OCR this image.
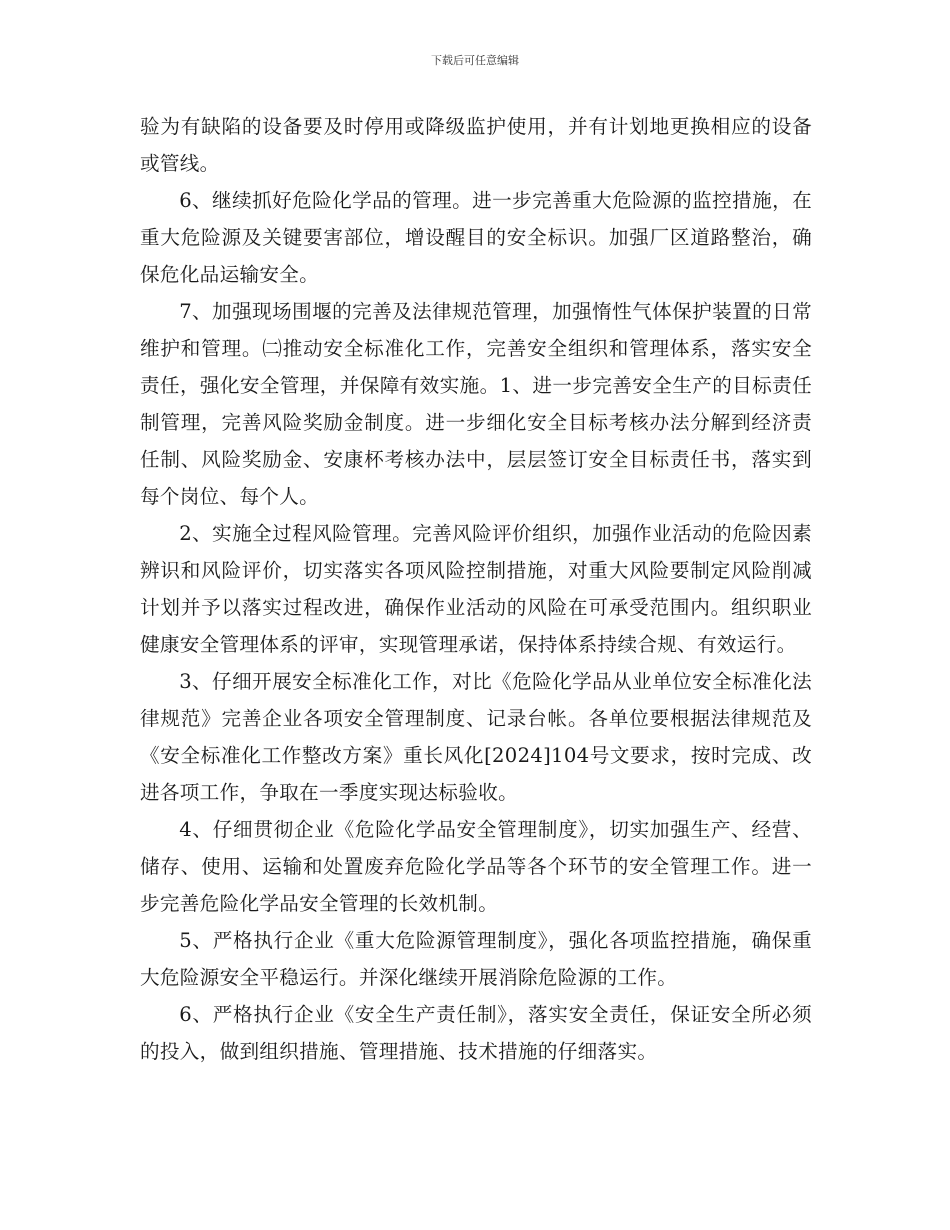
下载后可任意编辑

验为有缺陷的设备要及时停用或降级监护使用，并有计划地更换相应的设备或管线。

6、继续抓好危险化学品的管理。进一步完善重大危险源的监控措施，在重大危险源及关键要害部位，增设醒目的安全标识。加强厂区道路整治，确保危化品运输安全。

7、加强现场围堰的完善及法律规范管理，加强惰性气体保护装置的日常维护和管理。㈡推动安全标准化工作，完善安全组织和管理体系，落实安全责任，强化安全管理，并保障有效实施。1、进一步完善安全生产的目标责任制管理，完善风险奖励金制度。进一步细化安全目标考核办法分解到经济责任制、风险奖励金、安康杯考核办法中，层层签订安全目标责任书，落实到每个岗位、每个人。

2、实施全过程风险管理。完善风险评价组织，加强作业活动的危险因素辨识和风险评价，切实落实各项风险控制措施，对重大风险要制定风险削减计划并予以落实过程改进，确保作业活动的风险在可承受范围内。组织职业健康安全管理体系的评审，实现管理承诺，保持体系持续合规、有效运行。

3、仔细开展安全标准化工作，对比《危险化学品从业单位安全标准化法律规范》完善企业各项安全管理制度、记录台帐。各单位要根据法律规范及《安全标准化工作整改方案》重长风化[2024]104号文要求，按时完成、改进各项工作，争取在一季度实现达标验收。

4、仔细贯彻企业《危险化学品安全管理制度》，切实加强生产、经营、储存、使用、运输和处置废弃危险化学品等各个环节的安全管理工作。进一步完善危险化学品安全管理的长效机制。

5、严格执行企业《重大危险源管理制度》，强化各项监控措施，确保重大危险源安全平稳运行。并深化继续开展消除危险源的工作。

6、严格执行企业《安全生产责任制》，落实安全责任，保证安全所必须的投入，做到组织措施、管理措施、技术措施的仔细落实。
